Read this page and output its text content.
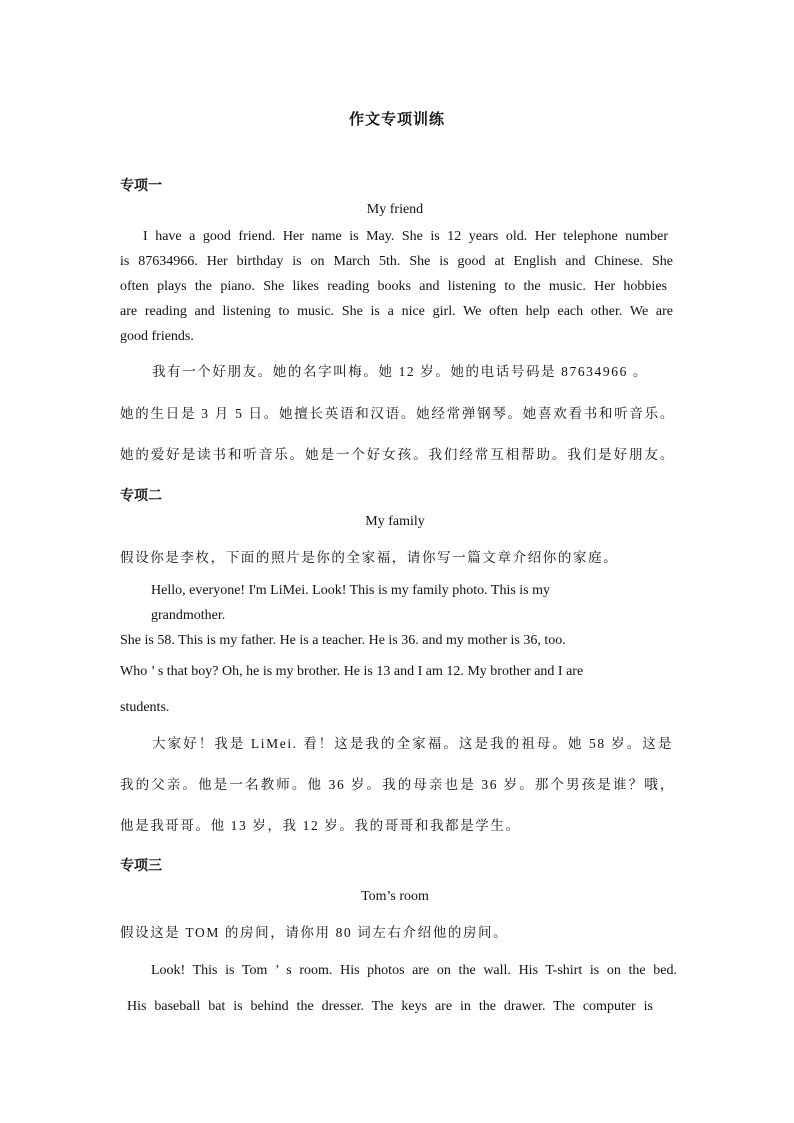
作文专项训练
专项一
My friend
I have a good friend. Her name is May. She is 12 years old. Her telephone number
is 87634966. Her birthday is on March 5th. She is good at English and Chinese. She
often plays the piano. She likes reading books and listening to the music. Her hobbies
are reading and listening to music. She is a nice girl. We often help each other. We are
good friends.
我有一个好朋友。她的名字叫梅。她 12 岁。她的电话号码是 87634966 。
她的生日是 3 月 5 日。她擅长英语和汉语。她经常弹钢琴。她喜欢看书和听音乐。
她的爱好是读书和听音乐。她是一个好女孩。我们经常互相帮助。我们是好朋友。
专项二
My family
假设你是李枚，下面的照片是你的全家福，请你写一篇文章介绍你的家庭。
Hello, everyone! I'm LiMei. Look! This is my family photo. This is my
grandmother.
She is 58. This is my father. He is a teacher. He is 36. and my mother is 36, too.
Who ’ s that boy? Oh, he is my brother. He is 13 and I am 12. My brother and I are
students.
大家好！我是 LiMei. 看！这是我的全家福。这是我的祖母。她 58 岁。这是
我的父亲。他是一名教师。他 36 岁。我的母亲也是 36 岁。那个男孩是谁？哦，
他是我哥哥。他 13 岁，我 12 岁。我的哥哥和我都是学生。
专项三
Tom’s room
假设这是 TOM 的房间，请你用 80 词左右介绍他的房间。
Look! This is Tom ’ s room. His photos are on the wall. His T-shirt is on the bed.
His baseball bat is behind the dresser. The keys are in the drawer. The computer is
